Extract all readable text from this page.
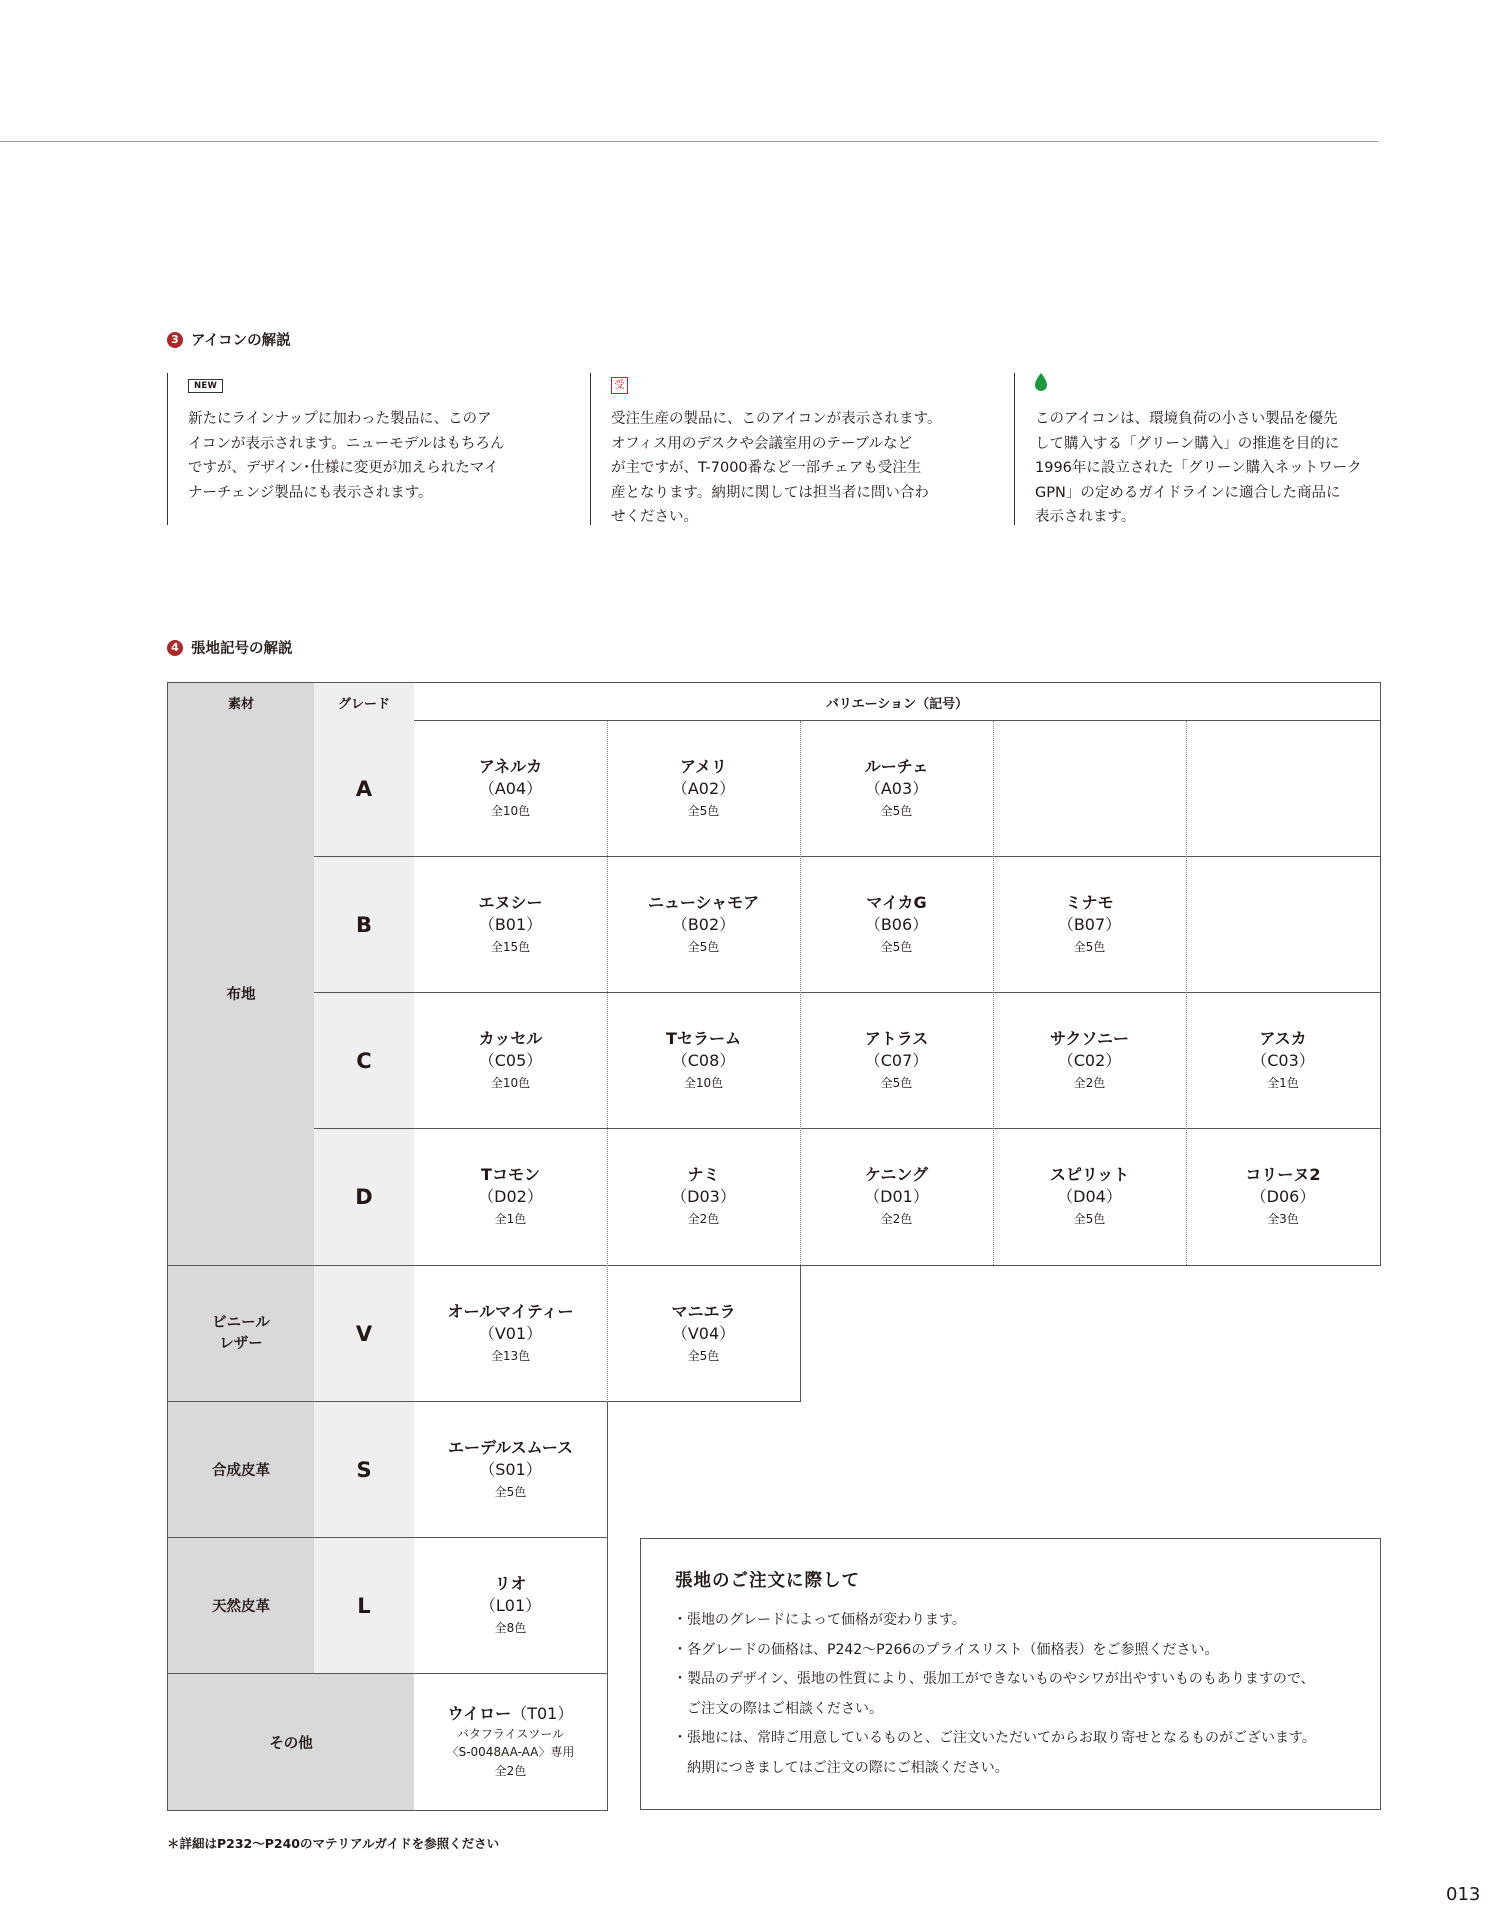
3 アイコンの解説
NEW

新たにラインナップに加わった製品に、このア
イコンが表示されます。ニューモデルはもちろん
ですが、デザイン･仕様に変更が加えられたマイ
ナーチェンジ製品にも表示されます。

受

受注生産の製品に、このアイコンが表示されます。
オフィス用のデスクや会議室用のテーブルなど
が主ですが、T-7000番など一部チェアも受注生
産となります。納期に関しては担当者に問い合わ
せください。

このアイコンは、環境負荷の小さい製品を優先
して購入する「グリーン購入」の推進を目的に
1996年に設立された「グリーン購入ネットワーク
GPN」の定めるガイドラインに適合した商品に
表示されます。

4 張地記号の解説
素材	グレード	バリエーション（記号）
布地
ビニール
レザー
合成皮革
天然皮革
その他
A
B
C
D
V
S
L
アネルカ
（A04）
全10色
アメリ
（A02）
全5色
ルーチェ
（A03）
全5色
エヌシー
（B01）
全15色
ニューシャモア
（B02）
全5色
マイカG
（B06）
全5色
ミナモ
（B07）
全5色
カッセル
（C05）
全10色
Tセラーム
（C08）
全10色
アトラス
（C07）
全5色
サクソニー
（C02）
全2色
アスカ
（C03）
全1色
Tコモン
（D02）
全1色
ナミ
（D03）
全2色
ケニング
（D01）
全2色
スピリット
（D04）
全5色
コリーヌ2
（D06）
全3色
オールマイティー
（V01）
全13色
マニエラ
（V04）
全5色
エーデルスムース
（S01）
全5色
リオ
（L01）
全8色
ウイロー（T01）
バタフライスツール
〈S-0048AA-AA〉専用
全2色
張地のご注文に際して
・張地のグレードによって価格が変わります。
・各グレードの価格は、P242〜P266のプライスリスト（価格表）をご参照ください。
・製品のデザイン、張地の性質により、張加工ができないものやシワが出やすいものもありますので、
ご注文の際はご相談ください。
・張地には、常時ご用意しているものと、ご注文いただいてからお取り寄せとなるものがございます。
納期につきましてはご注文の際にご相談ください。
＊詳細はP232〜P240のマテリアルガイドを参照ください
013
